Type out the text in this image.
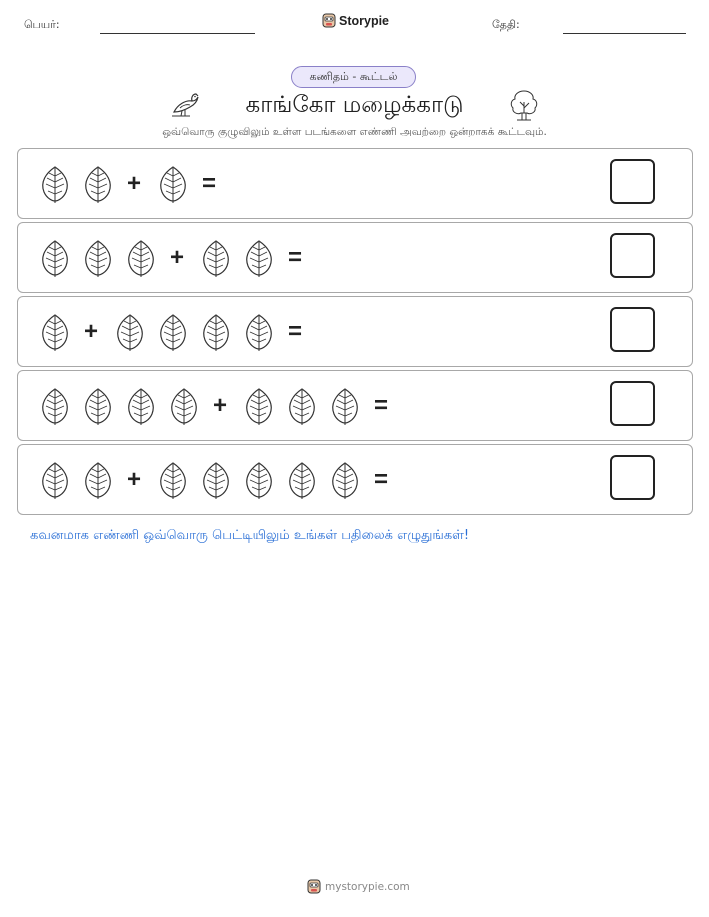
பெயர்:	Storypie	தேதி:
கணிதம் - கூட்டல்
காங்கோ மழைக்காடு
ஒவ்வொரு குழுவிலும் உள்ள படங்களை எண்ணி அவற்றை ஒன்றாகக் கூட்டவும்.
+	=
+	=
+	=
+	=
+	=
கவனமாக எண்ணி ஒவ்வொரு பெட்டியிலும் உங்கள் பதிலைக் எழுதுங்கள்!
mystorypie.com
